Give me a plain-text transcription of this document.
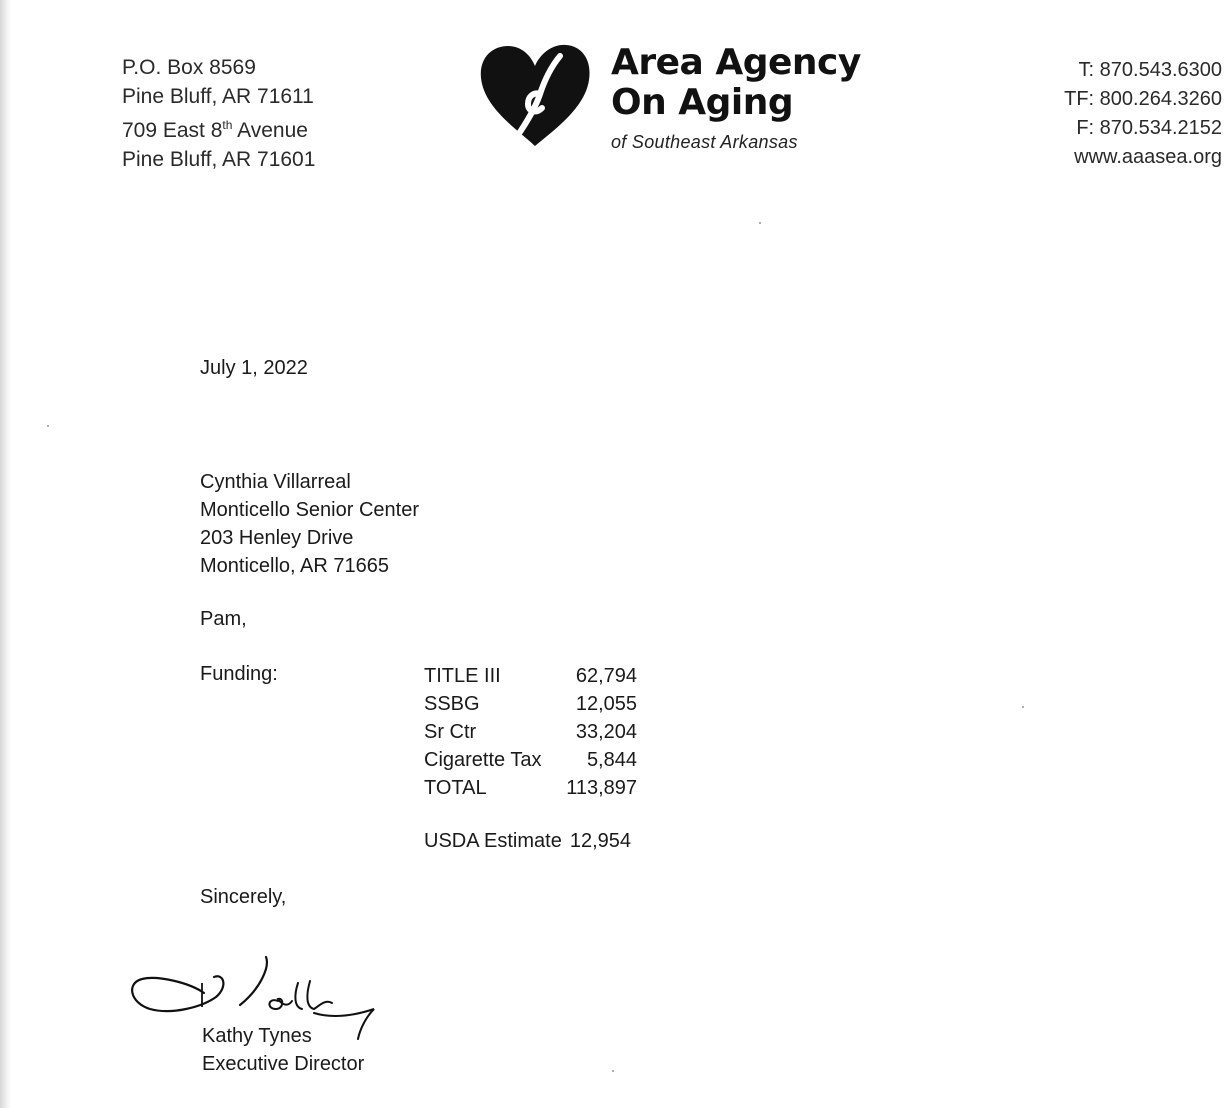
P.O. Box 8569
Pine Bluff, AR 71611
709 East 8th Avenue
Pine Bluff, AR 71601
Area Agency
On Aging
of Southeast Arkansas
T: 870.543.6300
TF: 800.264.3260
F: 870.534.2152
www.aaasea.org
July 1, 2022
Cynthia Villarreal
Monticello Senior Center
203 Henley Drive
Monticello, AR 71665
Pam,
Funding:	TITLE III	62,794
SSBG	12,055
Sr Ctr	33,204
Cigarette Tax	5,844
TOTAL	113,897
USDA Estimate 12,954
Sincerely,
Kathy Tynes
Executive Director
